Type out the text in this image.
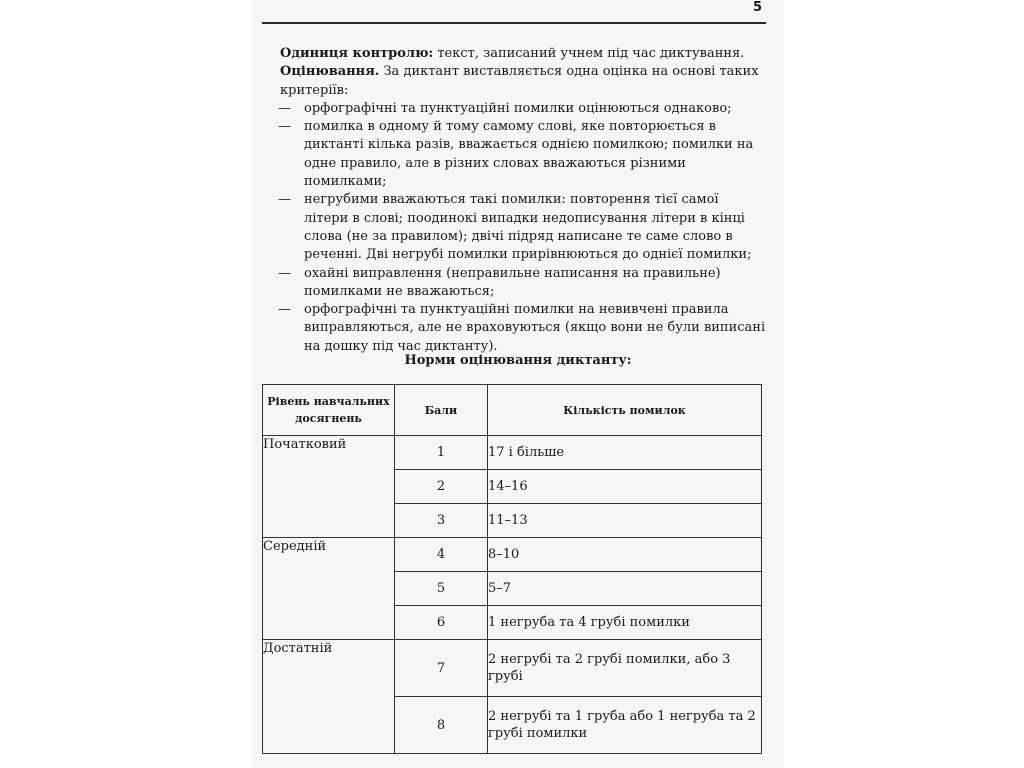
5

Одиниця контролю: текст, записаний учнем під час диктування.

Оцінювання. За диктант виставляється одна оцінка на основі таких критеріїв:

— орфографічні та пунктуаційні помилки оцінюються однаково;
— помилка в одному й тому самому слові, яке повторюється в диктанті кілька разів, вважається однією помилкою; помилки на одне правило, але в різних словах вважаються різними помилками;
— негрубими вважаються такі помилки: повторення тієї самої літери в слові; поодинокі випадки недописування літери в кінці слова (не за правилом); двічі підряд написане те саме слово в реченні. Дві негрубі помилки прирівнюються до однієї помилки;
— охайні виправлення (неправильне написання на правильне) помилками не вважаються;
— орфографічні та пунктуаційні помилки на невивчені правила виправляються, але не враховуються (якщо вони не були виписані на дошку під час диктанту).
Норми оцінювання диктанту:
Рівень навчальних досягнень	Бали	Кількість помилок
Початковий	1	17 і більше
	2	14–16
	3	11–13
Середній	4	8–10
	5	5–7
	6	1 негруба та 4 грубі помилки
Достатній	7	2 негрубі та 2 грубі помилки, або 3 грубі
	8	2 негрубі та 1 груба або 1 негруба та 2 грубі помилки
